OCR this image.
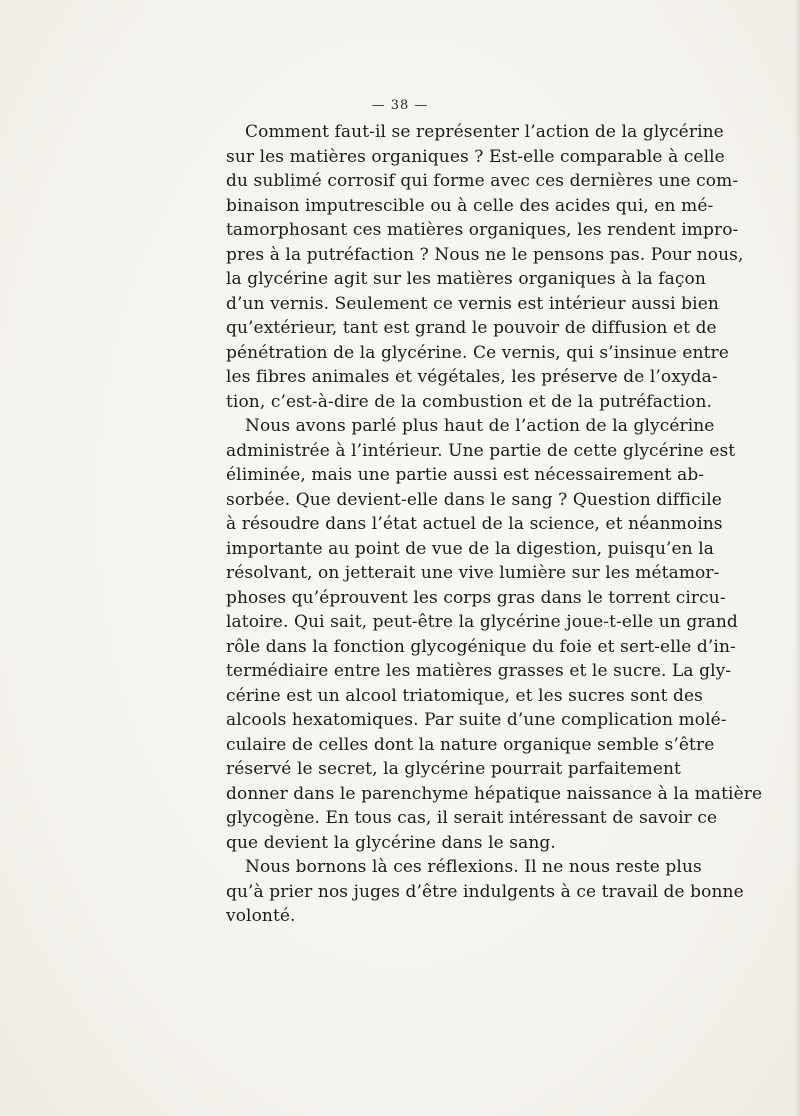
— 38 —
Comment faut-il se représenter l’action de la glycérine
sur les matières organiques ? Est-elle comparable à celle
du sublimé corrosif qui forme avec ces dernières une com-
binaison imputrescible ou à celle des acides qui, en mé-
tamorphosant ces matières organiques, les rendent impro-
pres à la putréfaction ? Nous ne le pensons pas. Pour nous,
la glycérine agit sur les matières organiques à la façon
d’un vernis. Seulement ce vernis est intérieur aussi bien
qu’extérieur, tant est grand le pouvoir de diffusion et de
pénétration de la glycérine. Ce vernis, qui s’insinue entre
les fibres animales et végétales, les préserve de l’oxyda-
tion, c’est-à-dire de la combustion et de la putréfaction.
Nous avons parlé plus haut de l’action de la glycérine
administrée à l’intérieur. Une partie de cette glycérine est
éliminée, mais une partie aussi est nécessairement ab-
sorbée. Que devient-elle dans le sang ? Question difficile
à résoudre dans l’état actuel de la science, et néanmoins
importante au point de vue de la digestion, puisqu’en la
résolvant, on jetterait une vive lumière sur les métamor-
phoses qu’éprouvent les corps gras dans le torrent circu-
latoire. Qui sait, peut-être la glycérine joue-t-elle un grand
rôle dans la fonction glycogénique du foie et sert-elle d’in-
termédiaire entre les matières grasses et le sucre. La gly-
cérine est un alcool triatomique, et les sucres sont des
alcools hexatomiques. Par suite d’une complication molé-
culaire de celles dont la nature organique semble s’être
réservé le secret, la glycérine pourrait parfaitement
donner dans le parenchyme hépatique naissance à la matière
glycogène. En tous cas, il serait intéressant de savoir ce
que devient la glycérine dans le sang.
Nous bornons là ces réflexions. Il ne nous reste plus
qu’à prier nos juges d’être indulgents à ce travail de bonne
volonté.
